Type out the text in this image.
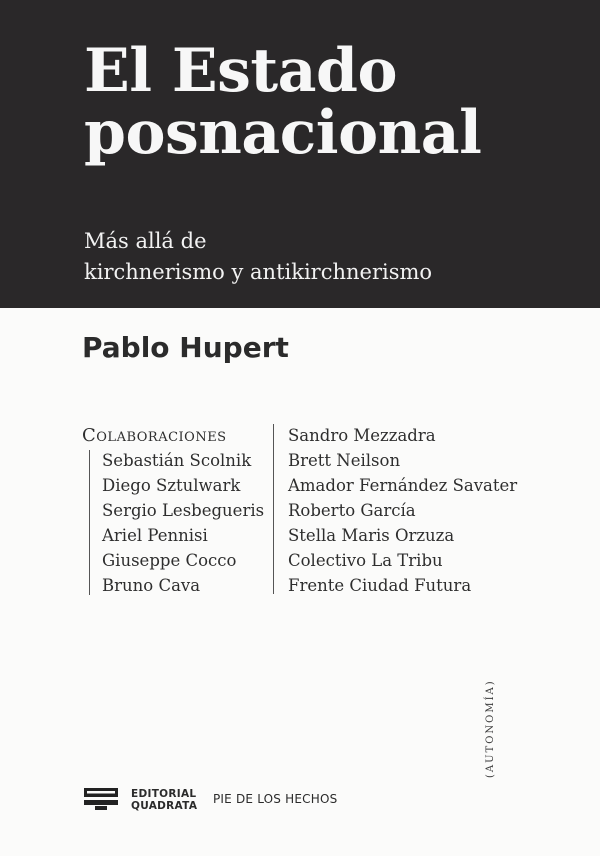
El Estado
posnacional
Más allá de
kirchnerismo y antikirchnerismo
Pablo Hupert
Colaboraciones
Sebastián Scolnik
Diego Sztulwark
Sergio Lesbegueris
Ariel Pennisi
Giuseppe Cocco
Bruno Cava
Sandro Mezzadra
Brett Neilson
Amador Fernández Savater
Roberto García
Stella Maris Orzuza
Colectivo La Tribu
Frente Ciudad Futura
(AUTONOMÍA)
EDITORIAL
QUADRATA PIE DE LOS HECHOS
